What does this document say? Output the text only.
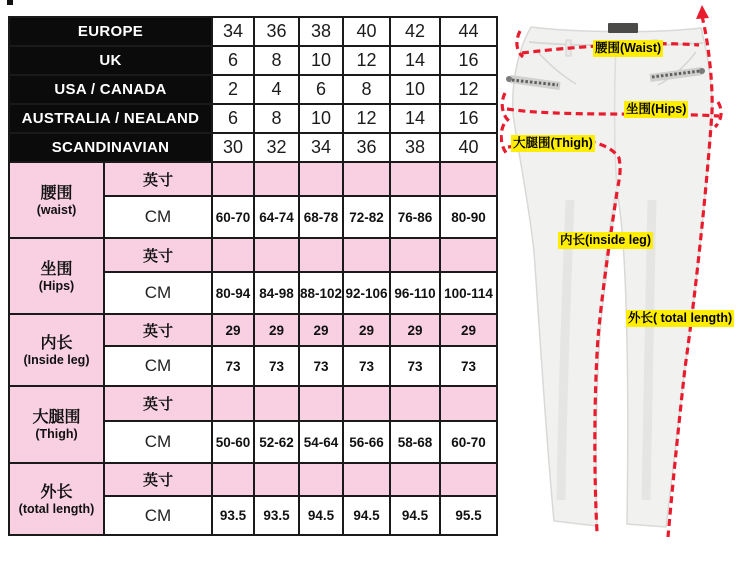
EUROPE		34	36	38	40	42	44
UK		6	8	10	12	14	16
USA / CANADA		2	4	6	8	10	12
AUSTRALIA / NEALAND		6	8	10	12	14	16
SCANDINAVIAN		30	32	34	36	38	40

腰围
(waist)	英寸						
	CM	60-70	64-74	68-78	72-82	76-86	80-90

坐围
(Hips)	英寸						
	CM	80-94	84-98	88-102	92-106	96-110	100-114

内长
(Inside leg)	英寸	29	29	29	29	29	29
	CM	73	73	73	73	73	73

大腿围
(Thigh)	英寸						
	CM	50-60	52-62	54-64	56-66	58-68	60-70

外长
(total length)	英寸						
	CM	93.5	93.5	94.5	94.5	94.5	95.5
腰围(Waist)
坐围(Hips)
大腿围(Thigh)
内长(inside leg)
外长( total length)
